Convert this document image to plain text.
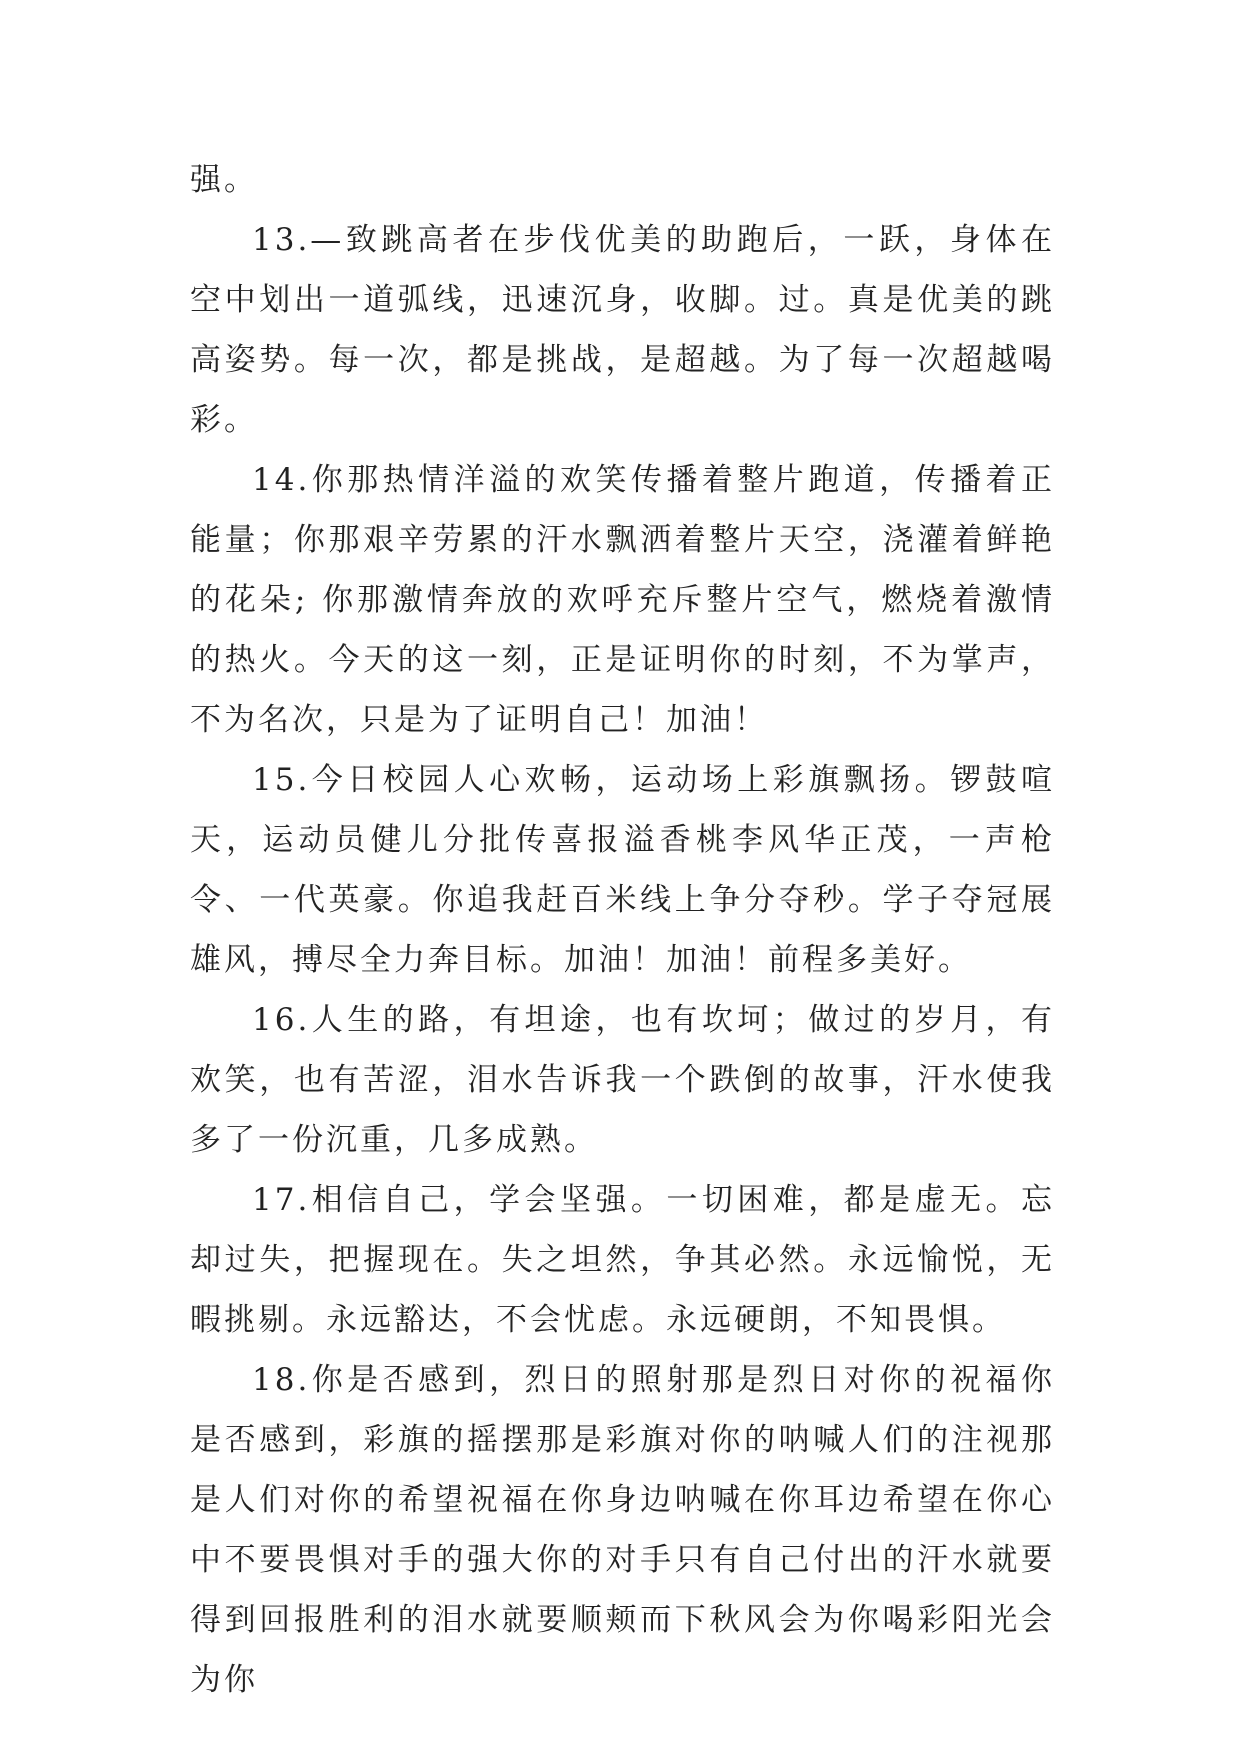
强。

13.—致跳高者在步伐优美的助跑后，一跃，身体在空中划出一道弧线，迅速沉身，收脚。过。真是优美的跳高姿势。每一次，都是挑战，是超越。为了每一次超越喝彩。

14.你那热情洋溢的欢笑传播着整片跑道，传播着正能量；你那艰辛劳累的汗水飘洒着整片天空，浇灌着鲜艳的花朵; 你那激情奔放的欢呼充斥整片空气，燃烧着激情的热火。今天的这一刻，正是证明你的时刻，不为掌声，不为名次，只是为了证明自己！加油！

15.今日校园人心欢畅，运动场上彩旗飘扬。锣鼓喧天，运动员健儿分批传喜报溢香桃李风华正茂，一声枪令、一代英豪。你追我赶百米线上争分夺秒。学子夺冠展雄风，搏尽全力奔目标。加油！加油！前程多美好。

16.人生的路，有坦途，也有坎坷；做过的岁月，有欢笑，也有苦涩，泪水告诉我一个跌倒的故事，汗水使我多了一份沉重，几多成熟。

17.相信自己，学会坚强。一切困难，都是虚无。忘却过失，把握现在。失之坦然，争其必然。永远愉悦，无暇挑剔。永远豁达，不会忧虑。永远硬朗，不知畏惧。

18.你是否感到，烈日的照射那是烈日对你的祝福你是否感到，彩旗的摇摆那是彩旗对你的呐喊人们的注视那是人们对你的希望祝福在你身边呐喊在你耳边希望在你心中不要畏惧对手的强大你的对手只有自己付出的汗水就要得到回报胜利的泪水就要顺颊而下秋风会为你喝彩阳光会为你
